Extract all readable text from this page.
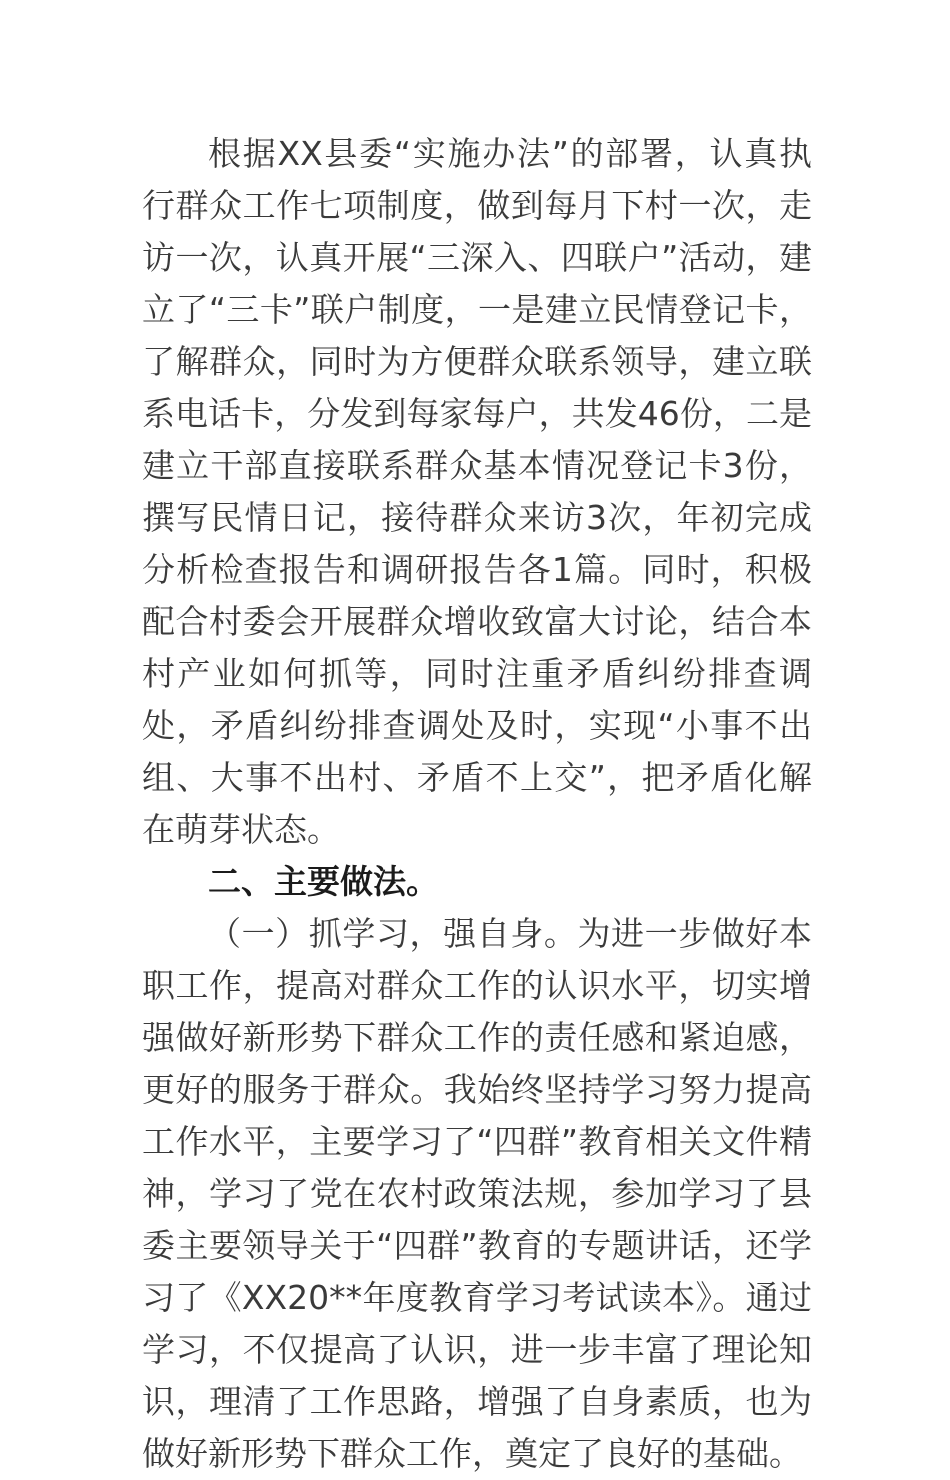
根据XX县委“实施办法”的部署，认真执行群众工作七项制度，做到每月下村一次，走访一次，认真开展“三深入、四联户”活动，建立了“三卡”联户制度，一是建立民情登记卡，了解群众，同时为方便群众联系领导，建立联系电话卡，分发到每家每户，共发46份，二是建立干部直接联系群众基本情况登记卡3份，撰写民情日记，接待群众来访3次，年初完成分析检查报告和调研报告各1篇。同时，积极配合村委会开展群众增收致富大讨论，结合本村产业如何抓等，同时注重矛盾纠纷排查调处，矛盾纠纷排查调处及时，实现“小事不出组、大事不出村、矛盾不上交”，把矛盾化解在萌芽状态。

二、主要做法。

（一）抓学习，强自身。为进一步做好本职工作，提高对群众工作的认识水平，切实增强做好新形势下群众工作的责任感和紧迫感，更好的服务于群众。我始终坚持学习努力提高工作水平，主要学习了“四群”教育相关文件精神，学习了党在农村政策法规，参加学习了县委主要领导关于“四群”教育的专题讲话，还学习了《XX20**年度教育学习考试读本》。通过学习，不仅提高了认识，进一步丰富了理论知识，理清了工作思路，增强了自身素质，也为做好新形势下群众工作，奠定了良好的基础。
